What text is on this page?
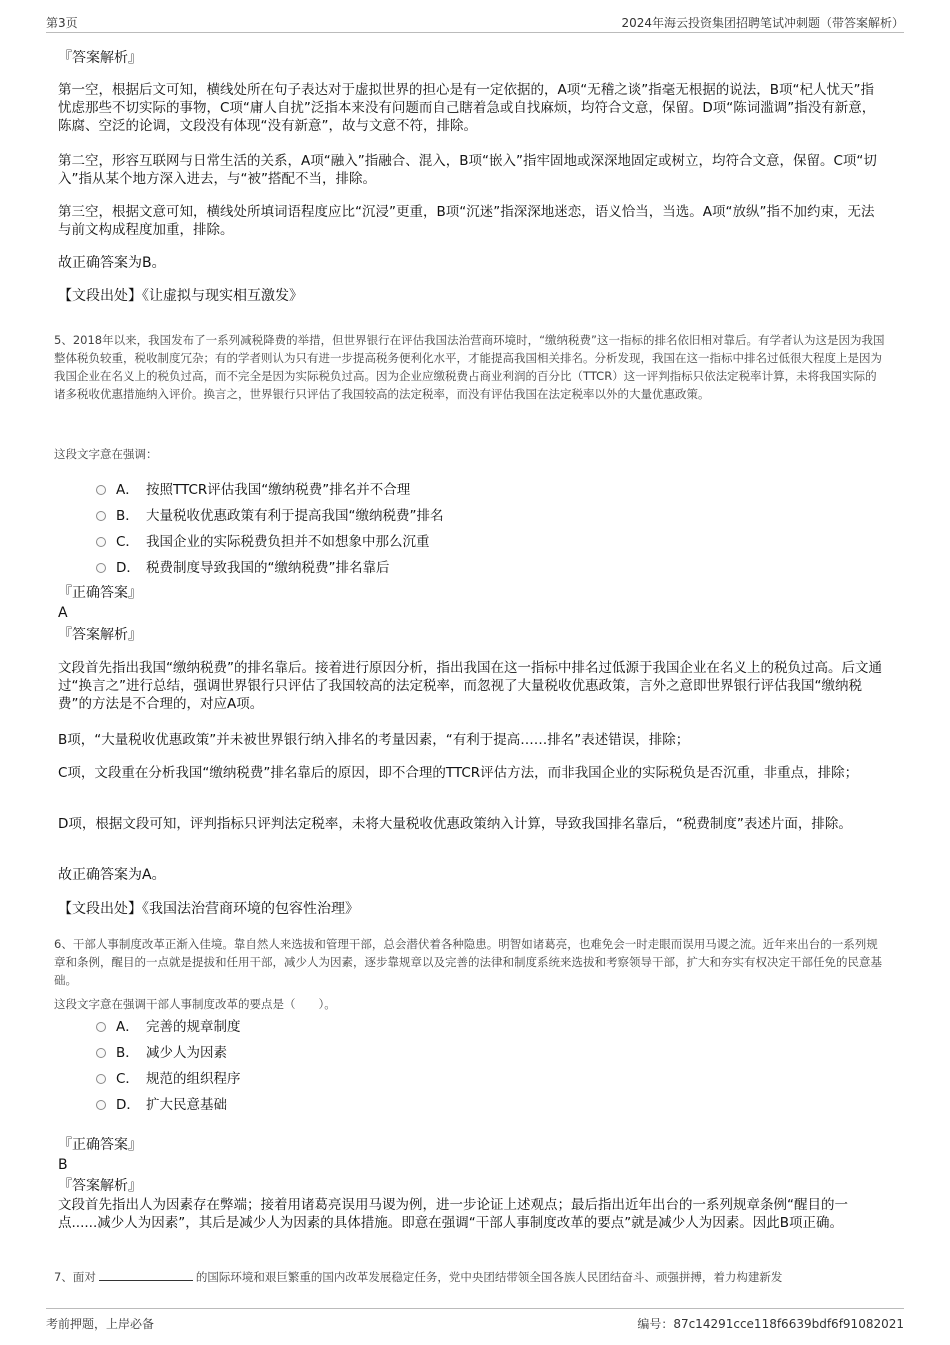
第3页	2024年海云投资集团招聘笔试冲刺题（带答案解析）

『答案解析』

第一空，根据后文可知，横线处所在句子表达对于虚拟世界的担心是有一定依据的，A项“无稽之谈”指毫无根据的说法，B项“杞人忧天”指忧虑那些不切实际的事物，C项“庸人自扰”泛指本来没有问题而自己瞎着急或自找麻烦，均符合文意，保留。D项“陈词滥调”指没有新意，陈腐、空泛的论调，文段没有体现“没有新意”，故与文意不符，排除。

第二空，形容互联网与日常生活的关系，A项“融入”指融合、混入，B项“嵌入”指牢固地或深深地固定或树立，均符合文意，保留。C项“切入”指从某个地方深入进去，与“被”搭配不当，排除。

第三空，根据文意可知，横线处所填词语程度应比“沉浸”更重，B项“沉迷”指深深地迷恋，语义恰当，当选。A项“放纵”指不加约束，无法与前文构成程度加重，排除。

故正确答案为B。

【文段出处】《让虚拟与现实相互激发》

5、2018年以来，我国发布了一系列减税降费的举措，但世界银行在评估我国法治营商环境时，“缴纳税费”这一指标的排名依旧相对靠后。有学者认为这是因为我国整体税负较重，税收制度冗杂；有的学者则认为只有进一步提高税务便利化水平，才能提高我国相关排名。分析发现，我国在这一指标中排名过低很大程度上是因为我国企业在名义上的税负过高，而不完全是因为实际税负过高。因为企业应缴税费占商业利润的百分比（TTCR）这一评判指标只依法定税率计算，未将我国实际的诸多税收优惠措施纳入评价。换言之，世界银行只评估了我国较高的法定税率，而没有评估我国在法定税率以外的大量优惠政策。

这段文字意在强调：

A． 按照TTCR评估我国“缴纳税费”排名并不合理
B． 大量税收优惠政策有利于提高我国“缴纳税费”排名
C． 我国企业的实际税费负担并不如想象中那么沉重
D． 税费制度导致我国的“缴纳税费”排名靠后

『正确答案』

A

『答案解析』

文段首先指出我国“缴纳税费”的排名靠后。接着进行原因分析，指出我国在这一指标中排名过低源于我国企业在名义上的税负过高。后文通过“换言之”进行总结，强调世界银行只评估了我国较高的法定税率，而忽视了大量税收优惠政策，言外之意即世界银行评估我国“缴纳税费”的方法是不合理的，对应A项。

B项，“大量税收优惠政策”并未被世界银行纳入排名的考量因素，“有利于提高……排名”表述错误，排除；

C项，文段重在分析我国“缴纳税费”排名靠后的原因，即不合理的TTCR评估方法，而非我国企业的实际税负是否沉重，非重点，排除；

D项，根据文段可知，评判指标只评判法定税率，未将大量税收优惠政策纳入计算，导致我国排名靠后，“税费制度”表述片面，排除。

故正确答案为A。

【文段出处】《我国法治营商环境的包容性治理》

6、干部人事制度改革正渐入佳境。靠自然人来选拔和管理干部，总会潜伏着各种隐患。明智如诸葛亮，也难免会一时走眼而误用马谡之流。近年来出台的一系列规章和条例，醒目的一点就是提拔和任用干部，减少人为因素，逐步靠规章以及完善的法律和制度系统来选拔和考察领导干部，扩大和夯实有权决定干部任免的民意基础。

这段文字意在强调干部人事制度改革的要点是（　　）。

A． 完善的规章制度
B． 减少人为因素
C． 规范的组织程序
D． 扩大民意基础

『正确答案』

B

『答案解析』

文段首先指出人为因素存在弊端；接着用诸葛亮误用马谡为例，进一步论证上述观点；最后指出近年出台的一系列规章条例“醒目的一点......减少人为因素”，其后是减少人为因素的具体措施。即意在强调“干部人事制度改革的要点”就是减少人为因素。因此B项正确。

7、面对	的国际环境和艰巨繁重的国内改革发展稳定任务，党中央团结带领全国各族人民团结奋斗、顽强拼搏，着力构建新发

考前押题，上岸必备	编号：87c14291cce118f6639bdf6f91082021
